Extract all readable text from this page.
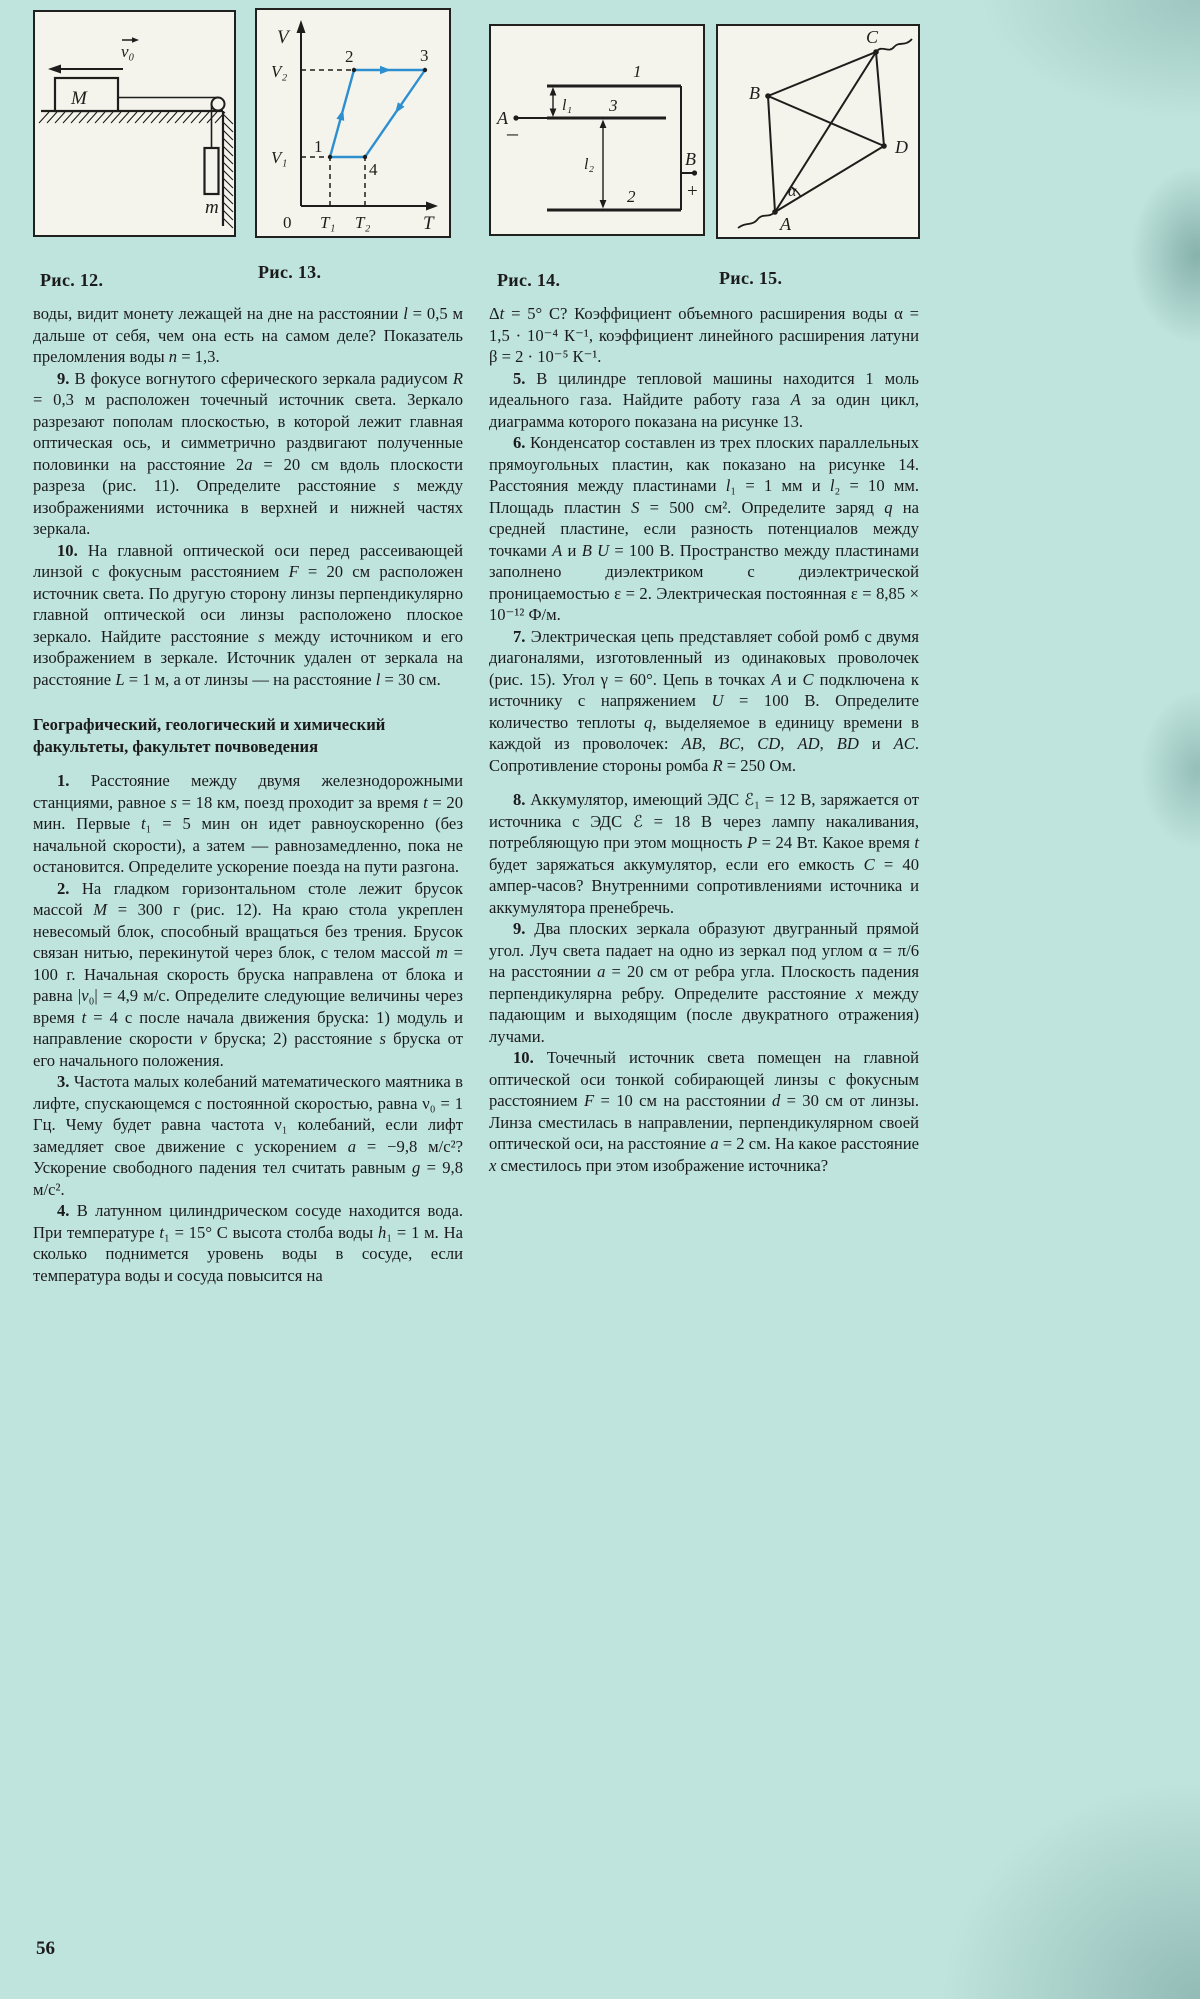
v₀
M
m
V
T
0
V₂
V₁
T₁ T₂
2	3
1
4
1
3
2
l₁
l₂
A
–
B
+
C
B
D
A
α
Рис. 12.	Рис. 13.	Рис. 14.	Рис. 15.

воды, видит монету лежащей на дне на расстоянии l = 0,5 м дальше от себя, чем она есть на самом деле? Показатель преломления воды n = 1,3.

9. В фокусе вогнутого сферического зеркала радиусом R = 0,3 м расположен точечный источник света. Зеркало разрезают пополам плоскостью, в которой лежит главная оптическая ось, и симметрично раздвигают полученные половинки на расстояние 2a = 20 см вдоль плоскости разреза (рис. 11). Определите расстояние s между изображениями источника в верхней и нижней частях зеркала.

10. На главной оптической оси перед рассеивающей линзой с фокусным расстоянием F = 20 см расположен источник света. По другую сторону линзы перпендикулярно главной оптической оси линзы расположено плоское зеркало. Найдите расстояние s между источником и его изображением в зеркале. Источник удален от зеркала на расстояние L = 1 м, а от линзы — на расстояние l = 30 см.

Географический, геологический и химический факультеты, факультет почвоведения

1. Расстояние между двумя железнодорожными станциями, равное s = 18 км, поезд проходит за время t = 20 мин. Первые t₁ = 5 мин он идет равноускоренно (без начальной скорости), а затем — равнозамедленно, пока не остановится. Определите ускорение поезда на пути разгона.

2. На гладком горизонтальном столе лежит брусок массой M = 300 г (рис. 12). На краю стола укреплен невесомый блок, способный вращаться без трения. Брусок связан нитью, перекинутой через блок, с телом массой m = 100 г. Начальная скорость бруска направлена от блока и равна |v₀| = 4,9 м/с. Определите следующие величины через время t = 4 с после начала движения бруска: 1) модуль и направление скорости v бруска; 2) расстояние s бруска от его начального положения.

3. Частота малых колебаний математического маятника в лифте, спускающемся с постоянной скоростью, равна ν₀ = 1 Гц. Чему будет равна частота ν₁ колебаний, если лифт замедляет свое движение с ускорением a = −9,8 м/с²? Ускорение свободного падения тел считать равным g = 9,8 м/с².

4. В латунном цилиндрическом сосуде находится вода. При температуре t₁ = 15° C высота столба воды h₁ = 1 м. На сколько поднимется уровень воды в сосуде, если температура воды и сосуда повысится на

Δt = 5° C? Коэффициент объемного расширения воды α = 1,5 · 10⁻⁴ К⁻¹, коэффициент линейного расширения латуни β = 2 · 10⁻⁵ К⁻¹.

5. В цилиндре тепловой машины находится 1 моль идеального газа. Найдите работу газа A за один цикл, диаграмма которого показана на рисунке 13.

6. Конденсатор составлен из трех плоских параллельных прямоугольных пластин, как показано на рисунке 14. Расстояния между пластинами l₁ = 1 мм и l₂ = 10 мм. Площадь пластин S = 500 см². Определите заряд q на средней пластине, если разность потенциалов между точками A и B U = 100 В. Пространство между пластинами заполнено диэлектриком с диэлектрической проницаемостью ε = 2. Электрическая постоянная ε = 8,85 × 10⁻¹² Ф/м.

7. Электрическая цепь представляет собой ромб с двумя диагоналями, изготовленный из одинаковых проволочек (рис. 15). Угол γ = 60°. Цепь в точках A и C подключена к источнику с напряжением U = 100 В. Определите количество теплоты q, выделяемое в единицу времени в каждой из проволочек: AB, BC, CD, AD, BD и AC. Сопротивление стороны ромба R = 250 Ом.

8. Аккумулятор, имеющий ЭДС ℰ₁ = 12 В, заряжается от источника с ЭДС ℰ = 18 В через лампу накаливания, потребляющую при этом мощность P = 24 Вт. Какое время t будет заряжаться аккумулятор, если его емкость C = 40 ампер-часов? Внутренними сопротивлениями источника и аккумулятора пренебречь.

9. Два плоских зеркала образуют двугранный прямой угол. Луч света падает на одно из зеркал под углом α = π/6 на расстоянии a = 20 см от ребра угла. Плоскость падения перпендикулярна ребру. Определите расстояние x между падающим и выходящим (после двукратного отражения) лучами.

10. Точечный источник света помещен на главной оптической оси тонкой собирающей линзы с фокусным расстоянием F = 10 см на расстоянии d = 30 см от линзы. Линза сместилась в направлении, перпендикулярном своей оптической оси, на расстояние a = 2 см. На какое расстояние x сместилось при этом изображение источника?

56
